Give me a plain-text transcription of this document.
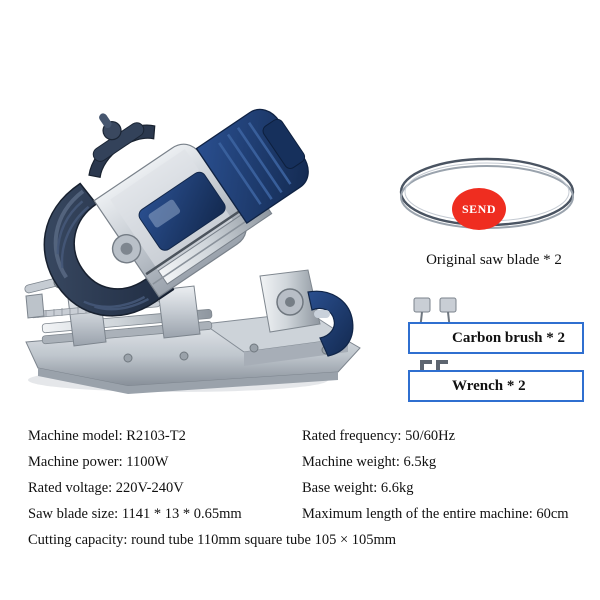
SEND
Original saw blade * 2
Carbon brush * 2
Wrench * 2
Machine model: R2103-T2
Machine power: 1100W
Rated voltage: 220V-240V
Saw blade size: 1141 * 13 * 0.65mm
Cutting capacity: round tube 110mm square tube 105 × 105mm
Rated frequency: 50/60Hz
Machine weight: 6.5kg
Base weight: 6.6kg
Maximum length of the entire machine: 60cm
